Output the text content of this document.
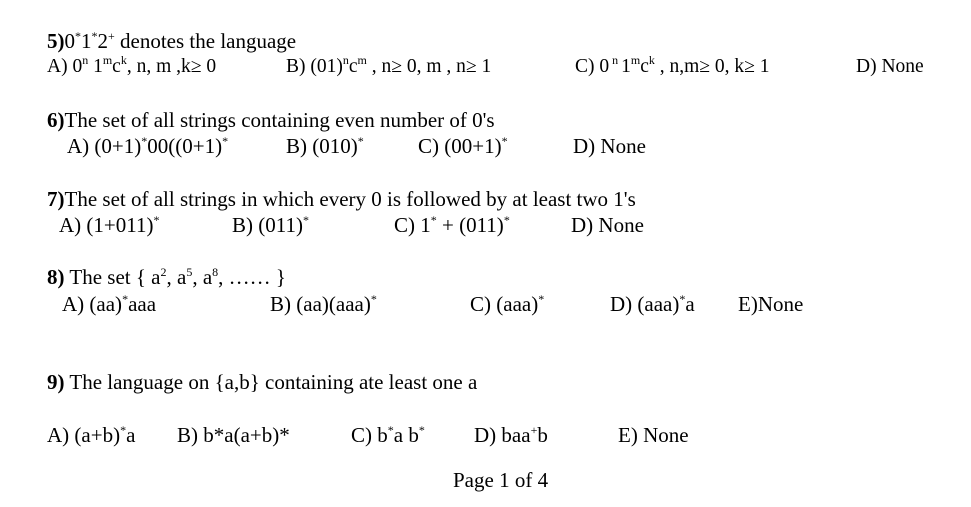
5)0*1*2+ denotes the language
A) 0$^n$ $1^mc^k$, n, m ,k≥ 0	B) $(01)^nc^m$ , n≥ 0, m , n≥ 1	C) 0 $^n$ $1^mc^k$ , n,m≥ 0, k≥ 1	D) None
6)The set of all strings containing even number of 0's
A) (0+1)*00((0+1)*	B) (010)*	C) (00+1)*	D) None
7)The set of all strings in which every 0 is followed by at least two 1's
A) (1+011)*	B) (011)*	C) 1* + (011)*	D) None
8) The set { $a^2$, $a^5$, $a^8$, …… }
A) (aa)*aaa	B) (aa)(aaa)*	C) (aaa)*	D) (aaa)*a E)None
9) The language on {a,b} containing ate least one a
A) (a+b)*a B) b*a(a+b)*	C) b*a b* D) baa+b	E) None
Page 1 of 4
